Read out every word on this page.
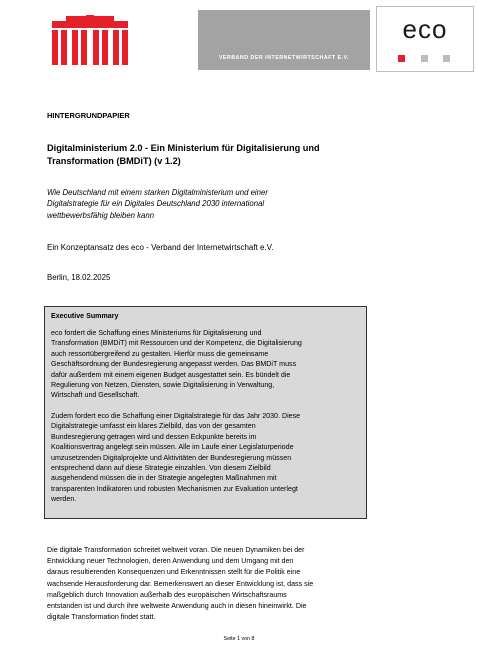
VERBAND DER INTERNETWIRTSCHAFT E.V.
eco
HINTERGRUNDPAPIER
Digitalministerium 2.0 - Ein Ministerium für Digitalisierung und
Transformation (BMDiT) (v 1.2)
Wie Deutschland mit einem starken Digitalministerium und einer
Digitalstrategie für ein Digitales Deutschland 2030 international
wettbewerbsfähig bleiben kann
Ein Konzeptansatz des eco - Verband der Internetwirtschaft e.V.
Berlin, 18.02.2025
Executive Summary
eco fordert die Schaffung eines Ministeriums für Digitalisierung und
Transformation (BMDiT) mit Ressourcen und der Kompetenz, die Digitalisierung
auch ressortübergreifend zu gestalten. Hierfür muss die gemeinsame
Geschäftsordnung der Bundesregierung angepasst werden. Das BMDiT muss
dafür außerdem mit einem eigenen Budget ausgestattet sein. Es bündelt die
Regulierung von Netzen, Diensten, sowie Digitalisierung in Verwaltung,
Wirtschaft und Gesellschaft.
Zudem fordert eco die Schaffung einer Digitalstrategie für das Jahr 2030. Diese
Digitalstrategie umfasst ein klares Zielbild, das von der gesamten
Bundesregierung getragen wird und dessen Eckpunkte bereits im
Koalitionsvertrag angelegt sein müssen. Alle im Laufe einer Legislaturperiode
umzusetzenden Digitalprojekte und Aktivitäten der Bundesregierung müssen
entsprechend dann auf diese Strategie einzahlen. Von diesem Zielbild
ausgehendend müssen die in der Strategie angelegten Maßnahmen mit
transparenten Indikatoren und robusten Mechanismen zur Evaluation unterlegt
werden.
Die digitale Transformation schreitet weltweit voran. Die neuen Dynamiken bei der
Entwicklung neuer Technologien, deren Anwendung und dem Umgang mit den
daraus resultierenden Konsequenzen und Erkenntnissen stellt für die Politik eine
wachsende Herausforderung dar. Bemerkenswert an dieser Entwicklung ist, dass sie
maßgeblich durch Innovation außerhalb des europäischen Wirtschaftsraums
entstanden ist und durch ihre weltweite Anwendung auch in diesen hineinwirkt. Die
digitale Transformation findet statt.
Seite 1 von 8
